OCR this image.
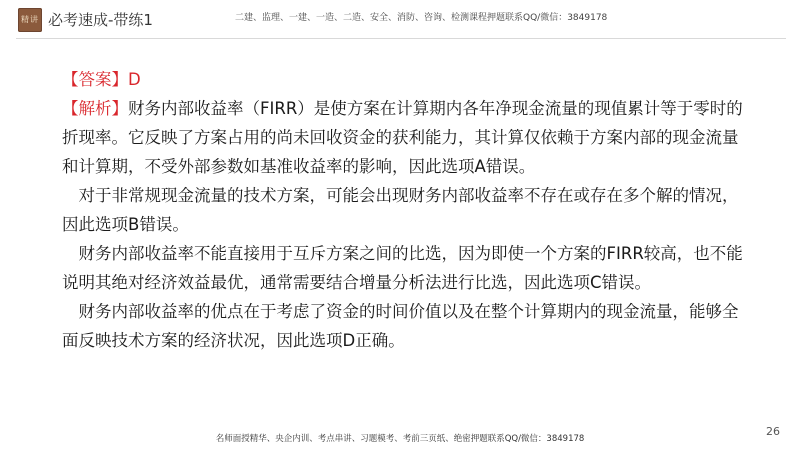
精讲 必考速成-带练1	二建、监理、一建、一造、二造、安全、消防、咨询、检测课程押题联系QQ/微信：3849178

【答案】D

【解析】财务内部收益率（FIRR）是使方案在计算期内各年净现金流量的现值累计等于零时的折现率。它反映了方案占用的尚未回收资金的获利能力，其计算仅依赖于方案内部的现金流量和计算期，不受外部参数如基准收益率的影响，因此选项A错误。

对于非常规现金流量的技术方案，可能会出现财务内部收益率不存在或存在多个解的情况，因此选项B错误。

财务内部收益率不能直接用于互斥方案之间的比选，因为即使一个方案的FIRR较高，也不能说明其绝对经济效益最优，通常需要结合增量分析法进行比选，因此选项C错误。

财务内部收益率的优点在于考虑了资金的时间价值以及在整个计算期内的现金流量，能够全面反映技术方案的经济状况，因此选项D正确。

26
名师面授精华、央企内训、考点串讲、习题模考、考前三页纸、绝密押题联系QQ/微信：3849178
